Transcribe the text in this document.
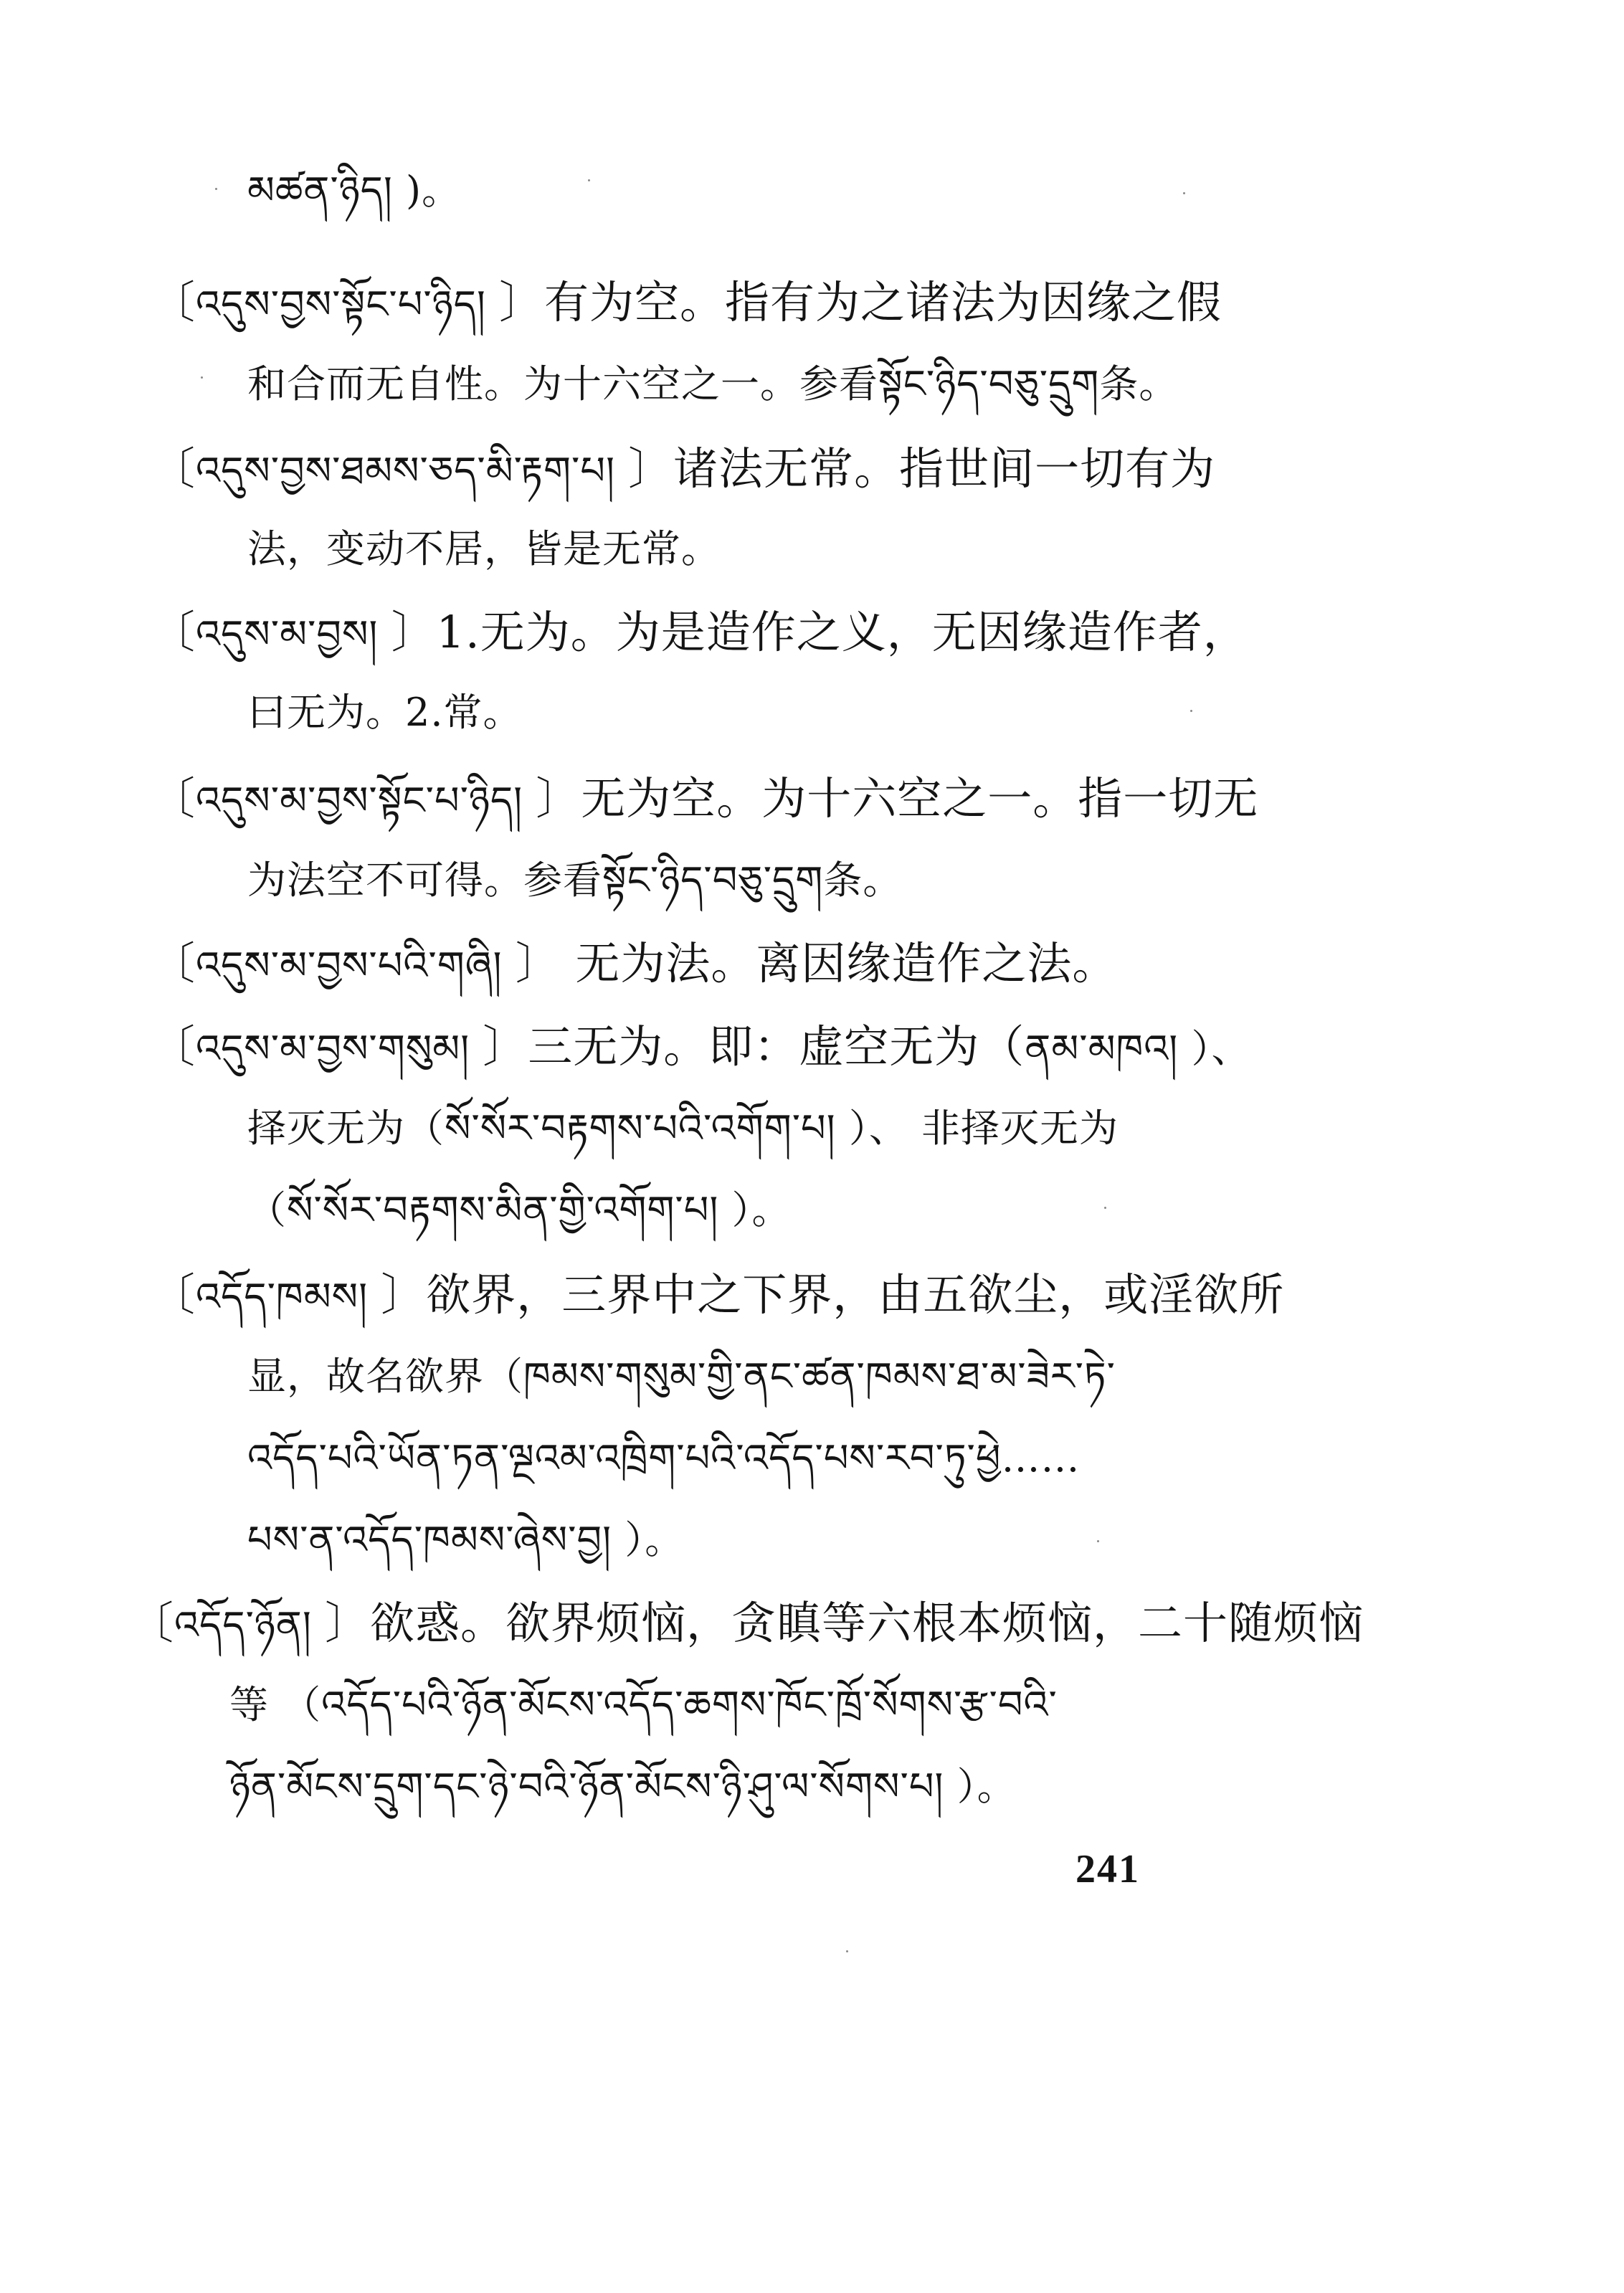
མཚན་ཉིད། )。
〔འདུས་བྱས་སྟོང་པ་ཉིད། 〕有为空。指有为之诸法为因缘之假
和合而无自性。为十六空之一。参看སྟོང་ཉིད་བཅུ་དྲུག条。
〔འདུས་བྱས་ཐམས་ཅད་མི་རྟག་པ། 〕诸法无常。指世间一切有为
法，变动不居，皆是无常。
〔འདུས་མ་བྱས། 〕1.无为。为是造作之义，无因缘造作者，
曰无为。2.常。
〔འདུས་མ་བྱས་སྟོང་པ་ཉིད། 〕无为空。为十六空之一。指一切无
为法空不可得。参看སྟོང་ཉིད་བཅུ་དྲུག条。
〔འདུས་མ་བྱས་པའི་གཞི། 〕 无为法。离因缘造作之法。
〔འདུས་མ་བྱས་གསུམ། 〕三无为。即：虚空无为（ནམ་མཁའ། ）、
择灭无为（སོ་སོར་བརྟགས་པའི་འགོག་པ། ）、 非择灭无为
（སོ་སོར་བརྟགས་མིན་གྱི་འགོག་པ། ）。
〔འདོད་ཁམས། 〕欲界，三界中之下界，由五欲尘，或淫欲所
显，故名欲界（ཁམས་གསུམ་གྱི་ནང་ཚན་ཁམས་ཐ་མ་ཟེར་ཏེ་
འདོད་པའི་ཡོན་ཏན་ལྔའམ་འཁྲིག་པའི་འདོད་པས་རབ་ཏུ་ཕྱེ……
པས་ན་འདོད་ཁམས་ཞེས་བྱ། ）。
〔འདོད་ཉོན། 〕欲惑。欲界烦恼，贪瞋等六根本烦恼，二十随烦恼
等 （འདོད་པའི་ཉོན་མོངས་འདོད་ཆགས་ཁོང་ཁྲོ་སོགས་རྩ་བའི་
ཉོན་མོངས་དྲུག་དང་ཉེ་བའི་ཉོན་མོངས་ཉི་ཤུ་ལ་སོགས་པ། ）。
241
